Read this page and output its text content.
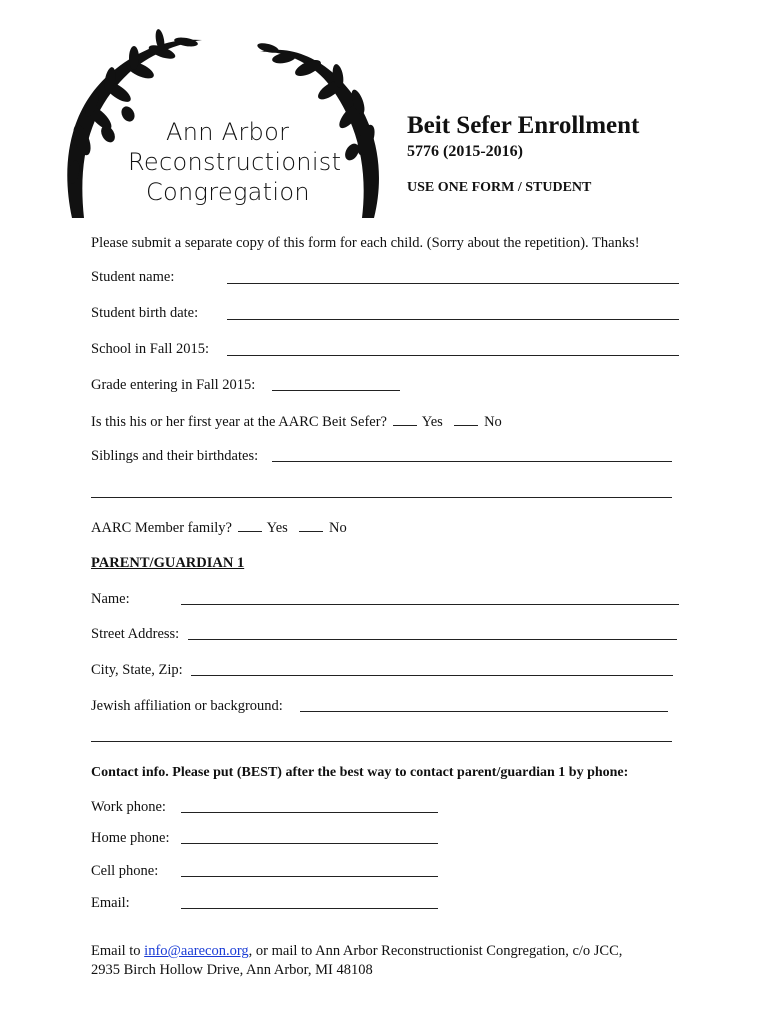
Ann Arbor
Reconstructionist
Congregation
Beit Sefer Enrollment
5776 (2015-2016)
USE ONE FORM / STUDENT
Please submit a separate copy of this form for each child. (Sorry about the repetition). Thanks!
Student name:
Student birth date:
School in Fall 2015:
Grade entering in Fall 2015:
Is this his or her first year at the AARC Beit Sefer? Yes	No
Siblings and their birthdates:
AARC Member family? Yes	No
PARENT/GUARDIAN 1
Name:
Street Address:
City, State, Zip:
Jewish affiliation or background:
Contact info. Please put (BEST) after the best way to contact parent/guardian 1 by phone:
Work phone:
Home phone:
Cell phone:
Email:
Email to info@aarecon.org, or mail to Ann Arbor Reconstructionist Congregation, c/o JCC,
2935 Birch Hollow Drive, Ann Arbor, MI 48108
